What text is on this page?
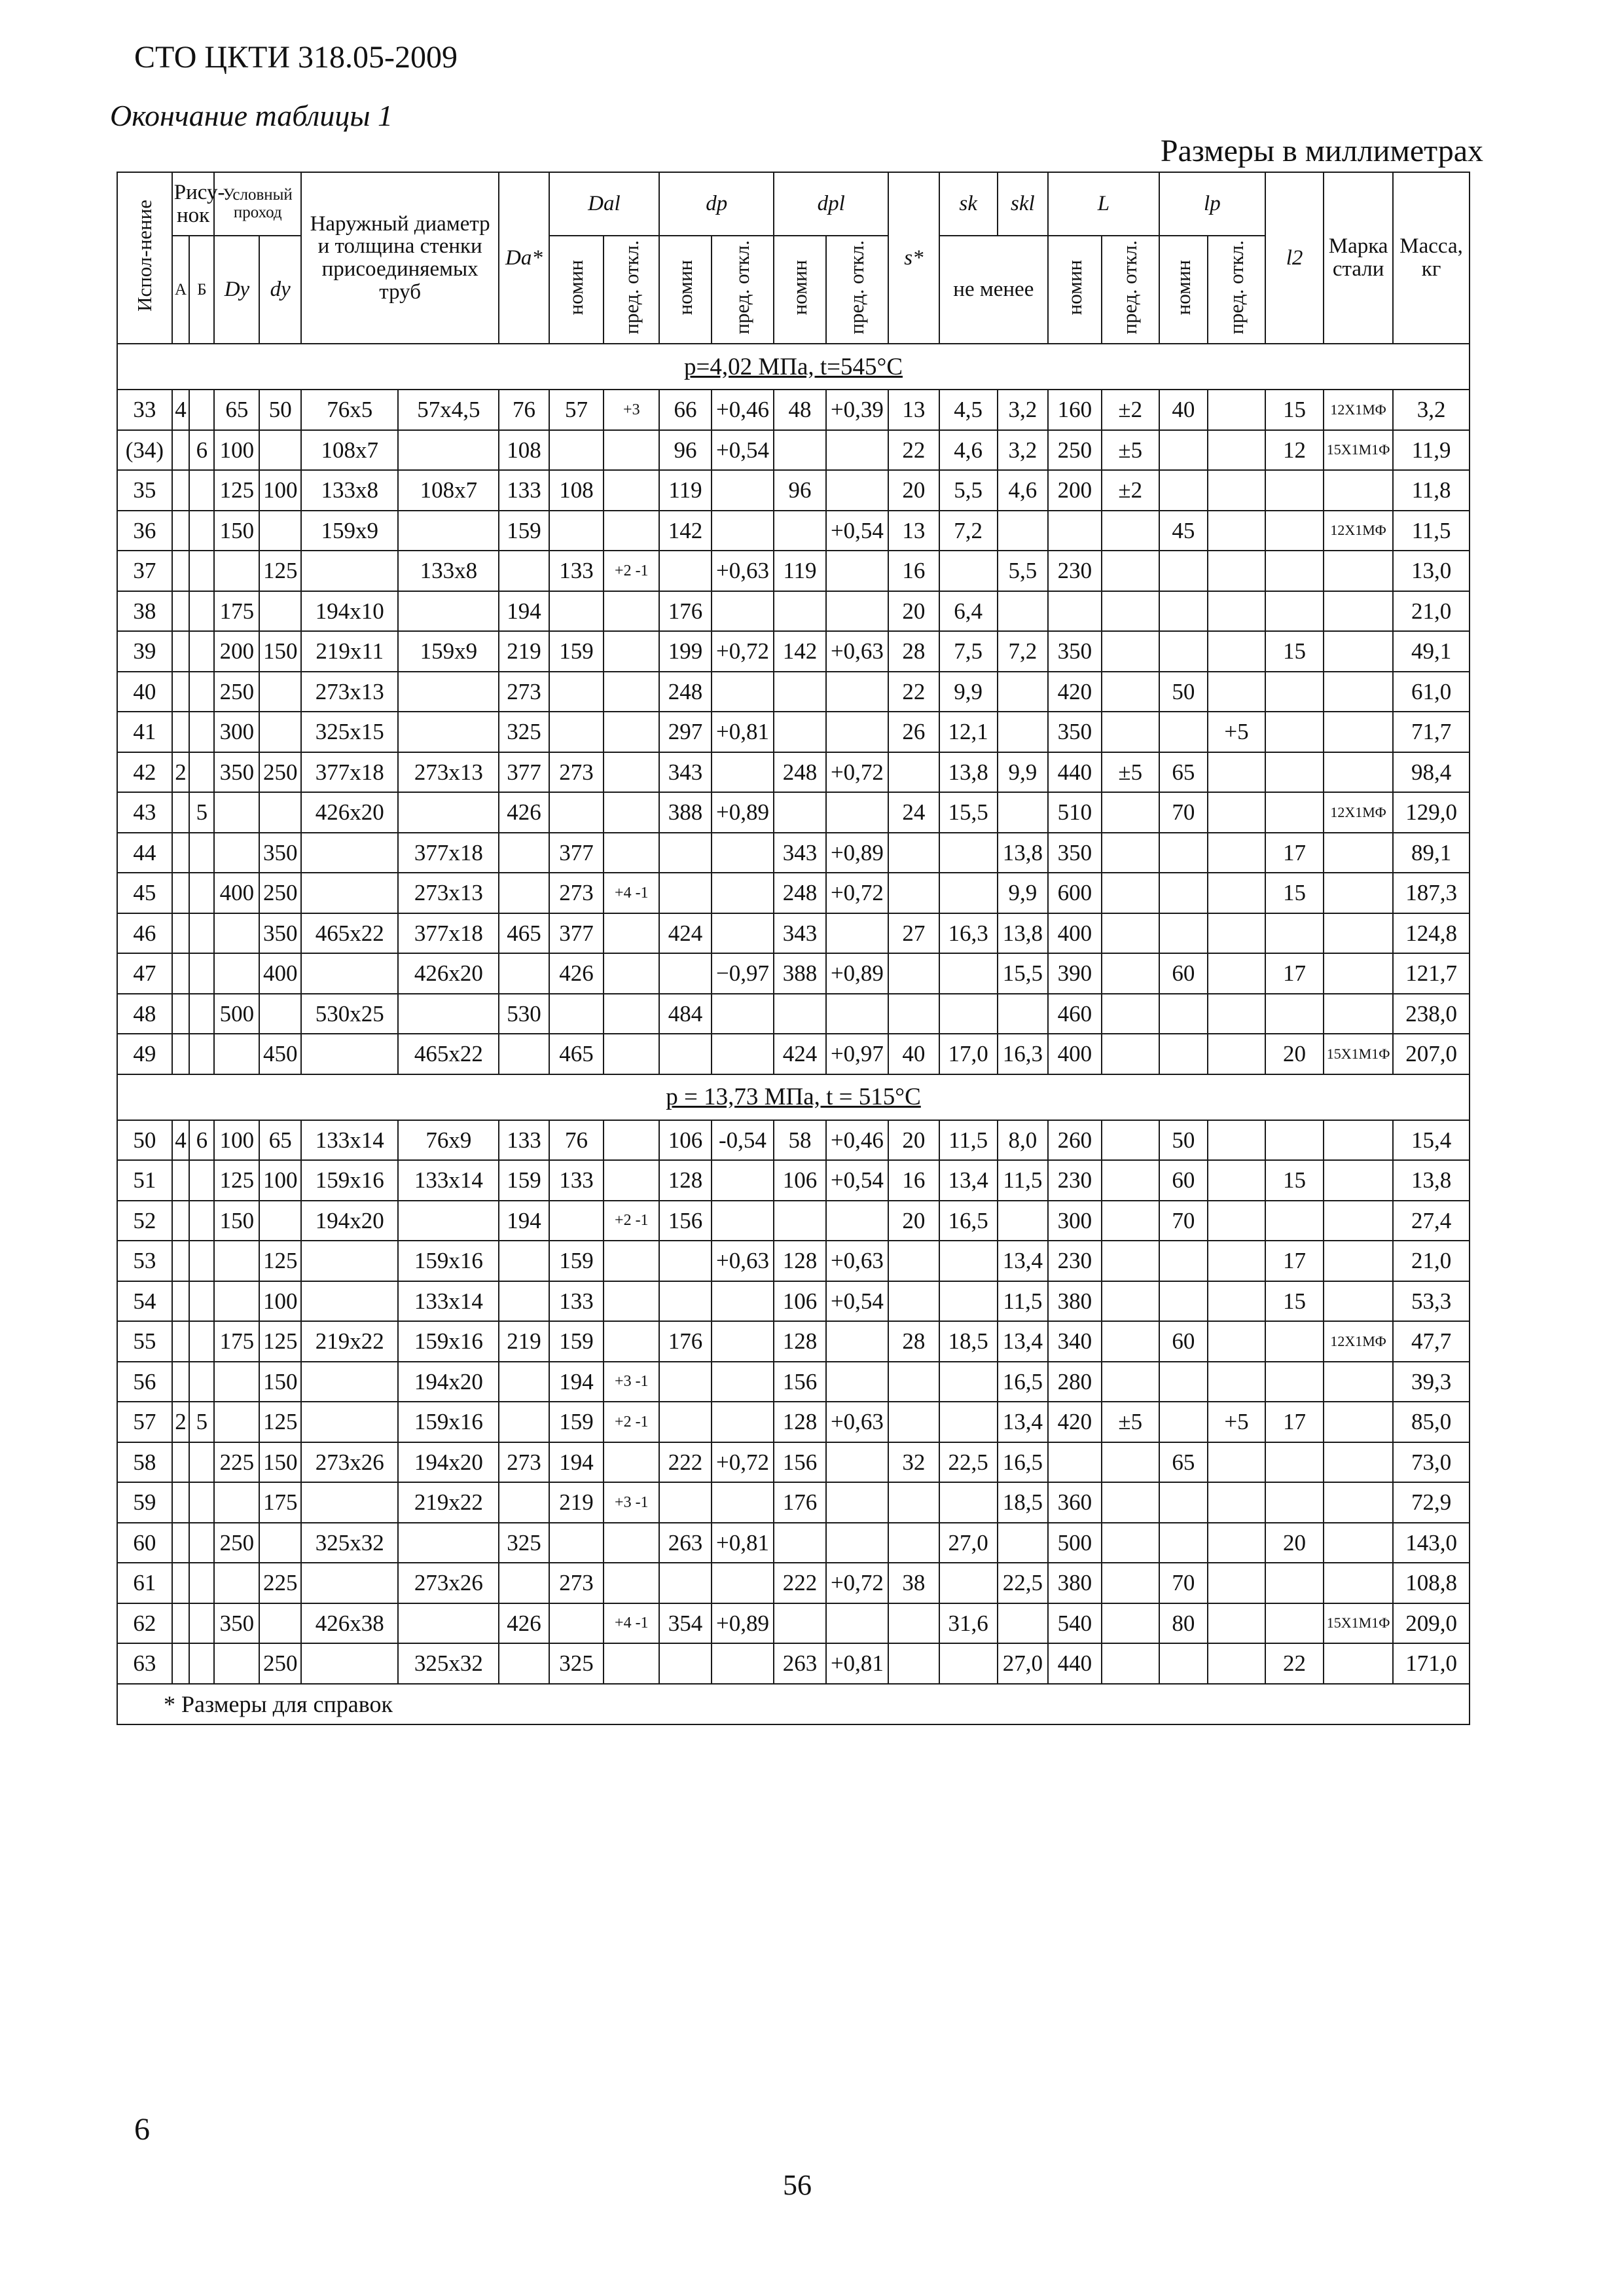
СТО ЦКТИ 318.05-2009
Окончание таблицы 1
Размеры в миллиметрах
Испол-нение	Рису-нок		Условный проход		Наружный диаметр и толщина стенки присоединяемых труб		Dа*	Dаl		dр		dрl		s*	sk	skl	L		lр		l2	Марка стали	Масса, кг
	А	Б	Dу	dу				номин	пред. откл.	номин	пред. откл.	номин	пред. откл.		не менее		номин	пред. откл.	номин	пред. откл.			
р=4,02 МПа, t=545°С																							
33	4		65	50	76x5	57x4,5	76	57	+3	66	+0,46	48	+0,39	13	4,5	3,2	160	±2	40		15	12Х1МФ	3,2
(34)		6	100		108x7		108			96	+0,54			22	4,6	3,2	250	±5			12	15Х1М1Ф	11,9
35			125	100	133x8	108x7	133	108		119		96		20	5,5	4,6	200	±2					11,8
36			150		159x9		159			142			+0,54	13	7,2				45			12Х1МФ	11,5
37				125		133x8		133	+2 -1		+0,63	119		16		5,5	230						13,0
38			175		194x10		194			176				20	6,4								21,0
39			200	150	219x11	159x9	219	159		199	+0,72	142	+0,63	28	7,5	7,2	350				15		49,1
40			250		273x13		273			248				22	9,9		420		50				61,0
41			300		325x15		325			297	+0,81			26	12,1		350			+5			71,7
42	2		350	250	377x18	273x13	377	273		343		248	+0,72		13,8	9,9	440	±5	65				98,4
43		5			426x20		426			388	+0,89			24	15,5		510		70			12Х1МФ	129,0
44				350		377x18		377				343	+0,89			13,8	350				17		89,1
45			400	250		273x13		273	+4 -1			248	+0,72			9,9	600				15		187,3
46				350	465x22	377x18	465	377		424		343		27	16,3	13,8	400						124,8
47				400		426x20		426			−0,97	388	+0,89			15,5	390		60		17		121,7
48			500		530x25		530			484							460						238,0
49				450		465x22		465				424	+0,97	40	17,0	16,3	400				20	15Х1М1Ф	207,0
р = 13,73 МПа, t = 515°С																							
50	4	6	100	65	133x14	76x9	133	76		106	-0,54	58	+0,46	20	11,5	8,0	260		50				15,4
51			125	100	159x16	133x14	159	133		128		106	+0,54	16	13,4	11,5	230		60		15		13,8
52			150		194x20		194		+2 -1	156				20	16,5		300		70				27,4
53				125		159x16		159			+0,63	128	+0,63			13,4	230				17		21,0
54				100		133x14		133				106	+0,54			11,5	380				15		53,3
55			175	125	219x22	159x16	219	159		176		128		28	18,5	13,4	340		60			12Х1МФ	47,7
56				150		194x20		194	+3 -1			156				16,5	280						39,3
57	2	5		125		159x16		159	+2 -1			128	+0,63			13,4	420	±5		+5	17		85,0
58			225	150	273x26	194x20	273	194		222	+0,72	156		32	22,5	16,5			65				73,0
59				175		219x22		219	+3 -1			176				18,5	360						72,9
60			250		325x32		325			263	+0,81				27,0		500				20		143,0
61				225		273x26		273				222	+0,72	38		22,5	380		70				108,8
62			350		426x38		426		+4 -1	354	+0,89				31,6		540		80			15Х1М1Ф	209,0
63				250		325x32		325				263	+0,81			27,0	440				22		171,0
* Размеры для справок																							
6
56
